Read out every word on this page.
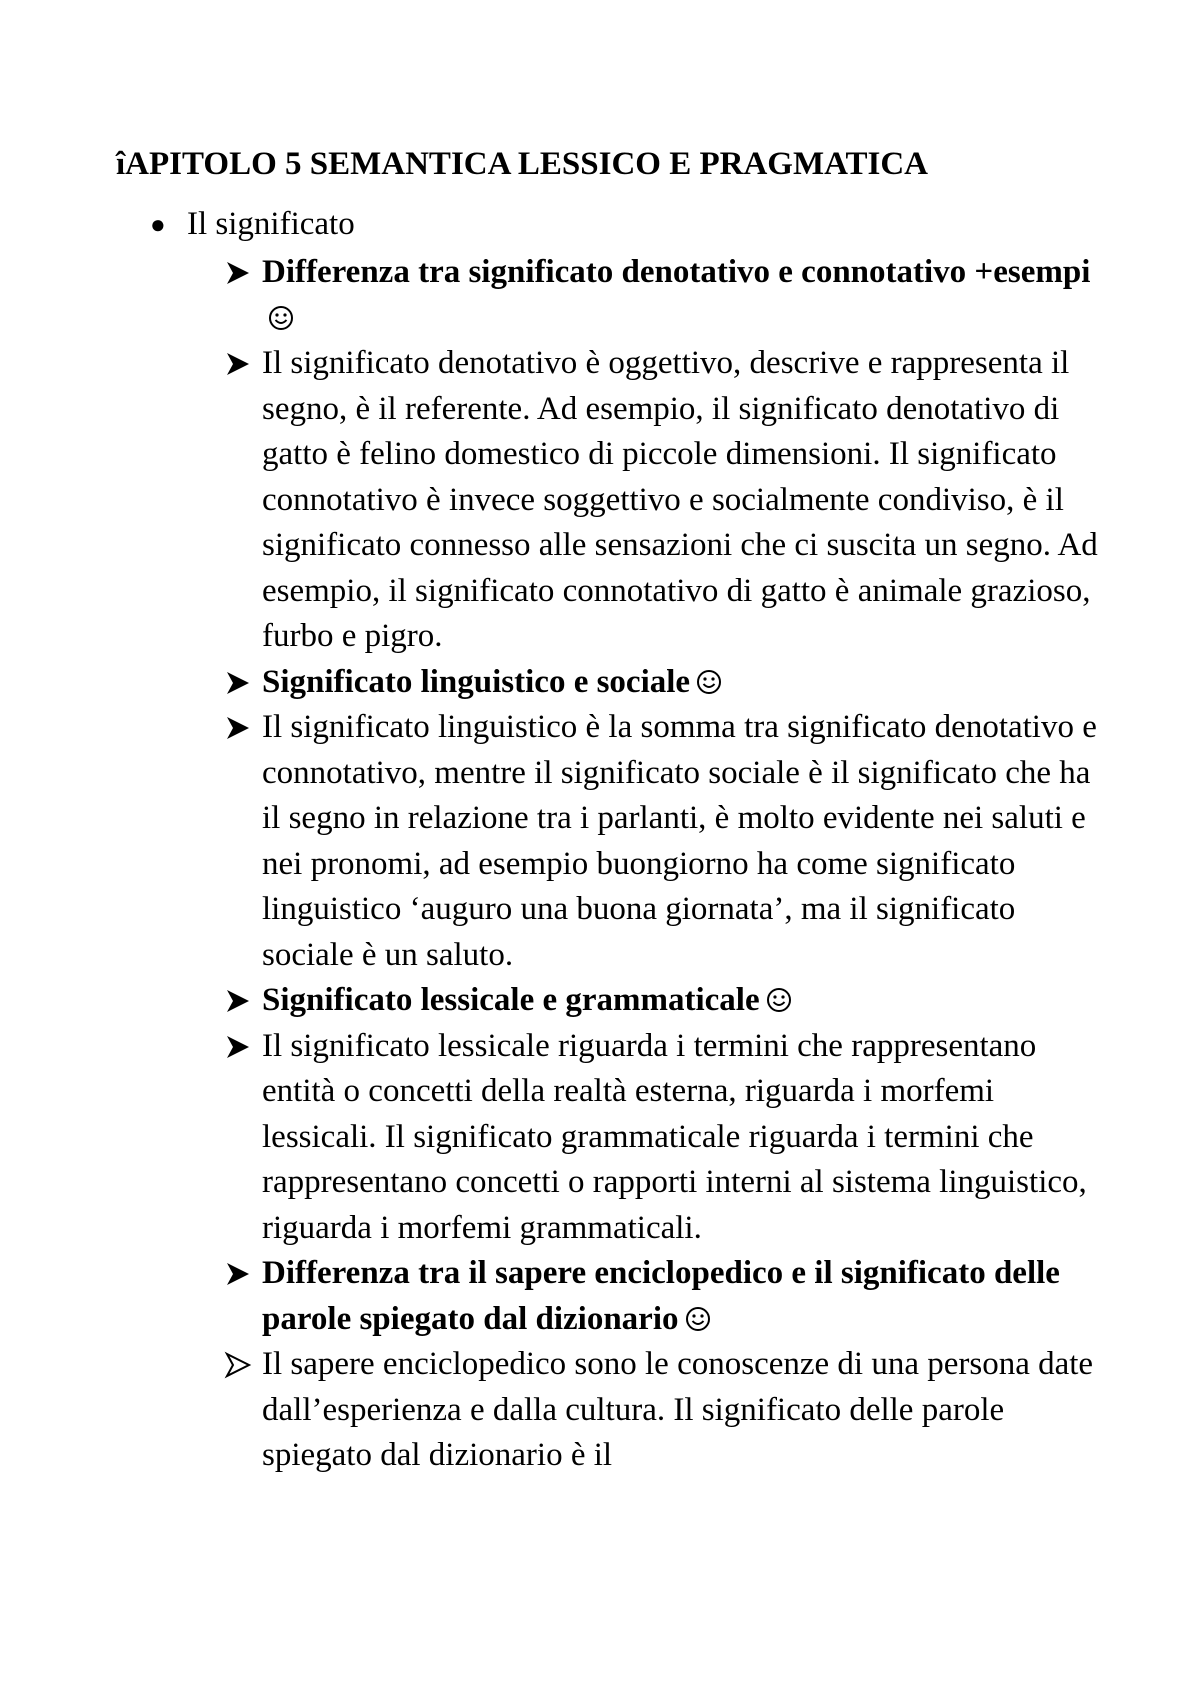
îAPITOLO 5 SEMANTICA LESSICO E PRAGMATICA
● Il significato
Differenza tra significato denotativo e connotativo +esempi
Il significato denotativo è oggettivo, descrive e rappresenta il segno, è il referente. Ad esempio, il significato denotativo di gatto è felino domestico di piccole dimensioni. Il significato connotativo è invece soggettivo e socialmente condiviso, è il significato connesso alle sensazioni che ci suscita un segno. Ad esempio, il significato connotativo di gatto è animale grazioso, furbo e pigro.
Significato linguistico e sociale
Il significato linguistico è la somma tra significato denotativo e connotativo, mentre il significato sociale è il significato che ha il segno in relazione tra i parlanti, è molto evidente nei saluti e nei pronomi, ad esempio buongiorno ha come significato linguistico ‘auguro una buona giornata’, ma il significato sociale è un saluto.
Significato lessicale e grammaticale
Il significato lessicale riguarda i termini che rappresentano entità o concetti della realtà esterna, riguarda i morfemi lessicali. Il significato grammaticale riguarda i termini che rappresentano concetti o rapporti interni al sistema linguistico, riguarda i morfemi grammaticali.
Differenza tra il sapere enciclopedico e il significato delle parole spiegato dal dizionario
Il sapere enciclopedico sono le conoscenze di una persona date dall’esperienza e dalla cultura. Il significato delle parole spiegato dal dizionario è il
